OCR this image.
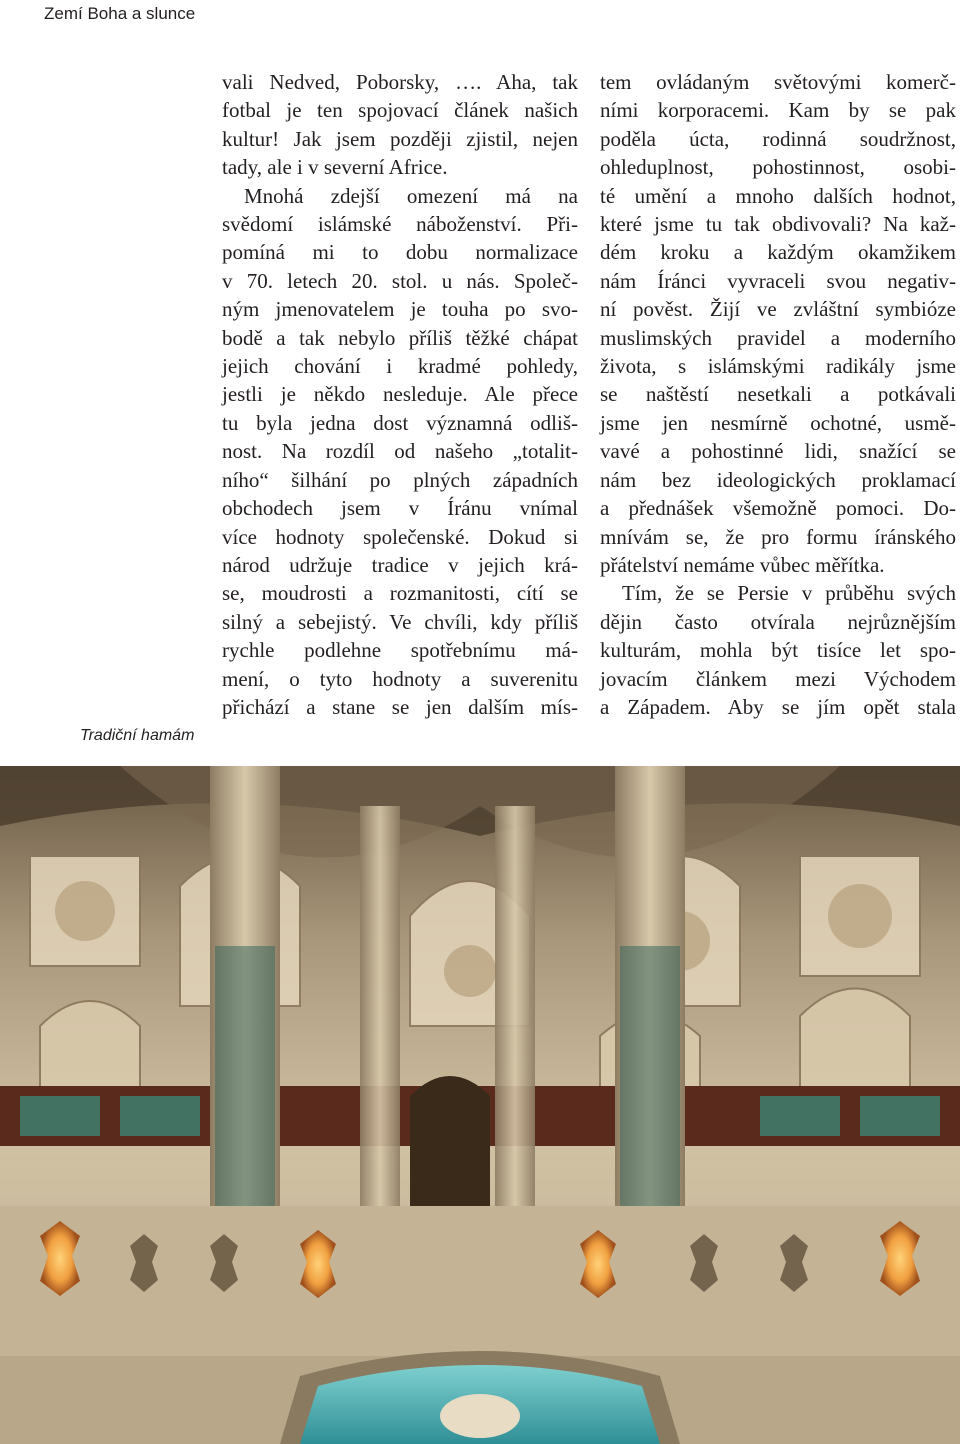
Zemí Boha a slunce

Tradiční hamám

vali Nedved, Poborsky, …. Aha, tak

fotbal je ten spojovací článek našich

kultur! Jak jsem později zjistil, nejen

tady, ale i v severní Africe.

Mnohá zdejší omezení má na

svědomí islámské náboženství. Při-

pomíná mi to dobu normalizace

v 70. letech 20. stol. u nás. Společ-

ným jmenovatelem je touha po svo-

bodě a tak nebylo příliš těžké chápat

jejich chování i kradmé pohledy,

jestli je někdo nesleduje. Ale přece

tu byla jedna dost významná odliš-

nost. Na rozdíl od našeho „totalit-

ního“ šilhání po plných západních

obchodech jsem v Íránu vnímal

více hodnoty společenské. Dokud si

národ udržuje tradice v jejich krá-

se, moudrosti a rozmanitosti, cítí se

silný a sebejistý. Ve chvíli, kdy příliš

rychle podlehne spotřebnímu má-

mení, o tyto hodnoty a suverenitu

přichází a stane se jen dalším mís-

tem ovládaným světovými komerč-

ními korporacemi. Kam by se pak

poděla úcta, rodinná soudržnost,

ohleduplnost, pohostinnost, osobi-

té umění a mnoho dalších hodnot,

které jsme tu tak obdivovali? Na kaž-

dém kroku a každým okamžikem

nám Íránci vyvraceli svou negativ-

ní pověst. Žijí ve zvláštní symbióze

muslimských pravidel a moderního

života, s islámskými radikály jsme

se naštěstí nesetkali a potkávali

jsme jen nesmírně ochotné, usmě-

vavé a pohostinné lidi, snažící se

nám bez ideologických proklamací

a přednášek všemožně pomoci. Do-

mnívám se, že pro formu íránského

přátelství nemáme vůbec měřítka.

Tím, že se Persie v průběhu svých

dějin často otvírala nejrůznějším

kulturám, mohla být tisíce let spo-

jovacím článkem mezi Východem

a Západem. Aby se jím opět stala
